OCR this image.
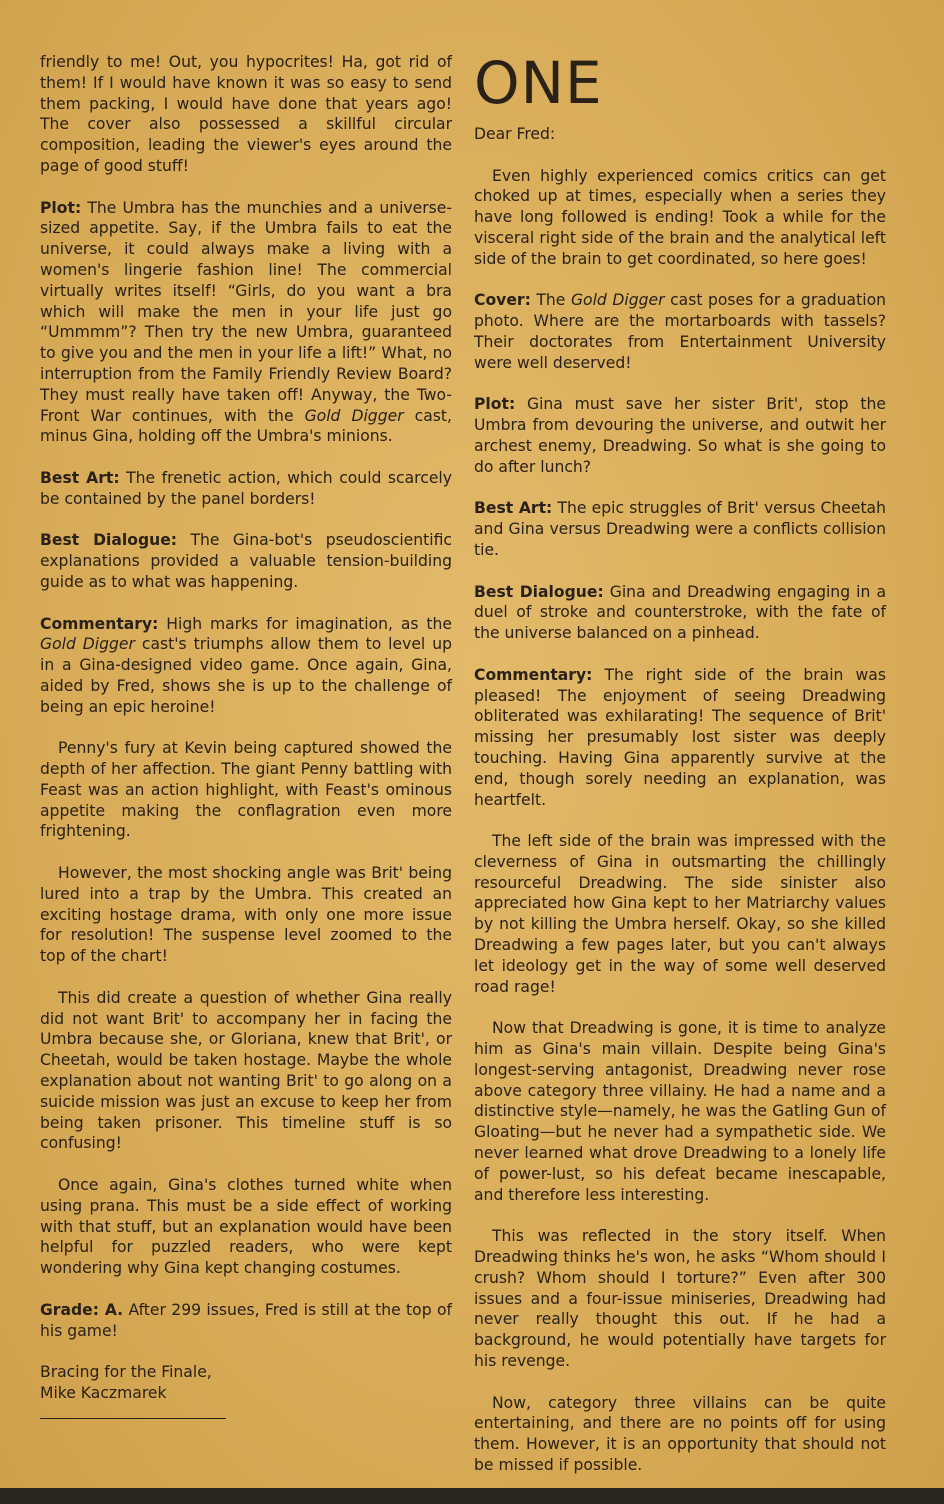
friendly to me! Out, you hypocrites! Ha, got rid of them! If I would have known it was so easy to send them packing, I would have done that years ago! The cover also possessed a skillful circular composition, leading the viewer's eyes around the page of good stuff!

Plot: The Umbra has the munchies and a universe-sized appetite. Say, if the Umbra fails to eat the universe, it could always make a living with a women's lingerie fashion line! The commercial virtually writes itself! “Girls, do you want a bra which will make the men in your life just go “Ummmm”? Then try the new Umbra, guaranteed to give you and the men in your life a lift!” What, no interruption from the Family Friendly Review Board? They must really have taken off! Anyway, the Two-Front War continues, with the Gold Digger cast, minus Gina, holding off the Umbra's minions.

Best Art: The frenetic action, which could scarcely be contained by the panel borders!

Best Dialogue: The Gina-bot's pseudoscientific explanations provided a valuable tension-building guide as to what was happening.

Commentary: High marks for imagination, as the Gold Digger cast's triumphs allow them to level up in a Gina-designed video game. Once again, Gina, aided by Fred, shows she is up to the challenge of being an epic heroine!

Penny's fury at Kevin being captured showed the depth of her affection. The giant Penny battling with Feast was an action highlight, with Feast's ominous appetite making the conflagration even more frightening.

However, the most shocking angle was Brit' being lured into a trap by the Umbra. This created an exciting hostage drama, with only one more issue for resolution! The suspense level zoomed to the top of the chart!

This did create a question of whether Gina really did not want Brit' to accompany her in facing the Umbra because she, or Gloriana, knew that Brit', or Cheetah, would be taken hostage. Maybe the whole explanation about not wanting Brit' to go along on a suicide mission was just an excuse to keep her from being taken prisoner. This timeline stuff is so confusing!

Once again, Gina's clothes turned white when using prana. This must be a side effect of working with that stuff, but an explanation would have been helpful for puzzled readers, who were kept wondering why Gina kept changing costumes.

Grade: A. After 299 issues, Fred is still at the top of his game!

Bracing for the Finale,
Mike Kaczmarek

ONE

Dear Fred:

Even highly experienced comics critics can get choked up at times, especially when a series they have long followed is ending! Took a while for the visceral right side of the brain and the analytical left side of the brain to get coordinated, so here goes!

Cover: The Gold Digger cast poses for a graduation photo. Where are the mortarboards with tassels? Their doctorates from Entertainment University were well deserved!

Plot: Gina must save her sister Brit', stop the Umbra from devouring the universe, and outwit her archest enemy, Dreadwing. So what is she going to do after lunch?

Best Art: The epic struggles of Brit' versus Cheetah and Gina versus Dreadwing were a conflicts collision tie.

Best Dialogue: Gina and Dreadwing engaging in a duel of stroke and counterstroke, with the fate of the universe balanced on a pinhead.

Commentary: The right side of the brain was pleased! The enjoyment of seeing Dreadwing obliterated was exhilarating! The sequence of Brit' missing her presumably lost sister was deeply touching. Having Gina apparently survive at the end, though sorely needing an explanation, was heartfelt.

The left side of the brain was impressed with the cleverness of Gina in outsmarting the chillingly resourceful Dreadwing. The side sinister also appreciated how Gina kept to her Matriarchy values by not killing the Umbra herself. Okay, so she killed Dreadwing a few pages later, but you can't always let ideology get in the way of some well deserved road rage!

Now that Dreadwing is gone, it is time to analyze him as Gina's main villain. Despite being Gina's longest-serving antagonist, Dreadwing never rose above category three villainy. He had a name and a distinctive style—namely, he was the Gatling Gun of Gloating—but he never had a sympathetic side. We never learned what drove Dreadwing to a lonely life of power-lust, so his defeat became inescapable, and therefore less interesting.

This was reflected in the story itself. When Dreadwing thinks he's won, he asks “Whom should I crush? Whom should I torture?” Even after 300 issues and a four-issue miniseries, Dreadwing had never really thought this out. If he had a background, he would potentially have targets for his revenge.

Now, category three villains can be quite entertaining, and there are no points off for using them. However, it is an opportunity that should not be missed if possible.
